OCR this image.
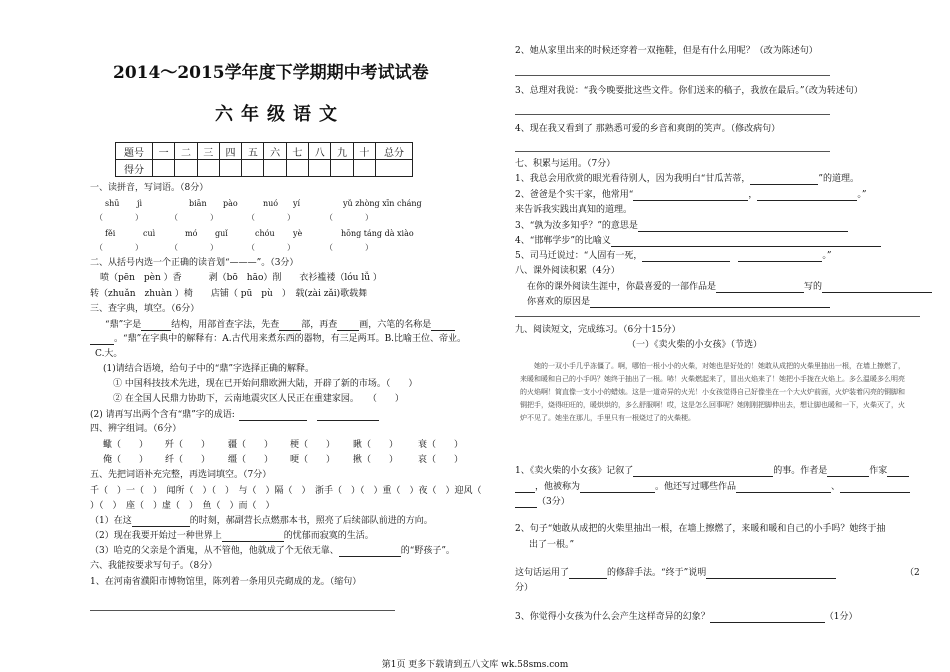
2014～2015学年度下学期期中考试试卷
六年级语文
题号	一	二	三	四	五	六	七	八	九	十	总分
得分											
一、读拼音，写词语。（8分）
shū jì	biān pào	nuó yí	yǔ zhòng xīn cháng
（　　　　）	（　　　　）	（　　　　）	（　　　　）
fěi	cuì	mó guǐ	chóu yè	hōng táng dà xiào
（　　　　）	（　　　　）	（　　　　）	（　　　　）
二、从括号内选一个正确的读音划“———”。（3分）
喷（pēn　pèn ）香　　　剥（bō　hāo）削　　衣衫褴褛（lóu lǚ ）
转（zhuǎn　zhuàn ）椅　　店铺（ pū　pù　）　载(zài zǎi)歌载舞
三、查字典，填空。（6分）
“鼎”字是	结构，用部首查字法，先查 部，再查 画，六笔的名称是
。“鼎”在字典中的解释有：A.古代用来煮东西的器物，有三足两耳。B.比喻王位、帝业。
C.大。
(1)请结合语境，给句子中的“鼎”字选择正确的解释。
① 中国科技技术先进，现在已开始问鼎欧洲大陆，开辟了新的市场。（　　）
② 在全国人民鼎力协助下，云南地震灾区人民正在重建家园。　　（　　）
(2) 请再写出两个含有“鼎”字的成语:
四、辨字组词。（6分）
蠍（　　） 歼（　　） 疆（　　） 梗（　　） 瞅（　　） 衰（　　）
俺（　　） 纤（　　） 缰（　　） 哽（　　） 揪（　　） 哀（　　）
五、先把词语补充完整，再选词填空。（7分）
千（　）一（　）　闻所（　）（　）　与（　）隔（　）　浙手（　）（　）重（　）夜（　）迎风（
）（　）　座（　）虚（　）　鱼（　）而（　）
（1）在这	的时刻，郝副营长点燃那本书，照亮了后续部队前进的方向。
（2）现在我要开始过一种世界上	的忧郁而寂寞的生活。
（3）哈克的父亲是个酒鬼，从不管他，他就成了个无依无靠、	的“野孩子”。
六、我能按要求写句子。（8分）
1、在河南省濮阳市博物馆里，陈列着一条用贝壳砌成的龙。（缩句）
2、她从家里出来的时候还穿着一双拖鞋，但是有什么用呢？（改为陈述句）
3、总理对我说：“我今晚要批这些文件。你们送来的稿子，我放在最后。”（改为转述句）
4、现在我又看到了 那熟悉可爱的乡音和爽朗的笑声。（修改病句）
七、积累与运用。（7分）
1、我总会用欣赏的眼光看待别人，因为我明白“甘瓜苦蒂，	”的道理。
2、爸爸是个实干家，他常用“	，	。”
来告诉我实践出真知的道理。
3、“孰为汝多知乎？”的意思是
4、“邯郸学步”的比喻义
5、司马迁说过：“人固有一死，	。”
八、课外阅读积累（4分）
在你的课外阅读生涯中，你最喜爱的一部作品是	写的
你喜欢的原因是
九、阅读短文，完成练习。（6分十15分）
（一）《卖火柴的小女孩》（节选）
她的一双小手几乎冻僵了。啊，哪怕一根小小的火柴，对她也是好处的！她敢从成把的火柴里抽出一根，在墙上擦燃了，来暖和暖和自己的小手吗？她终于抽出了一根。哧！火柴燃起来了，冒出火焰来了！她把小手拢在火焰上。多么温暖多么明亮的火焰啊！简直像一支小小的蜡烛。这是一道奇异的火光！小女孩觉得自己好像坐在一个大火炉前面，火炉装着闪亮的铜脚和铜把手，烧得旺旺的，暖烘烘的，多么舒服啊！哎，这是怎么回事呢？她刚刚把脚伸出去，想让脚也暖和一下，火柴灭了，火炉不见了。她坐在那儿，手里只有一根烧过了的火柴梗。
1、《卖火柴的小女孩》记叙了	的事。作者是	作家
，他被称为	。他还写过哪些作品	、
（3分）
2、句子“她敢从成把的火柴里抽出一根，在墙上擦燃了，来暖和暖和自己的小手吗？她终于抽
出了一根。”
这句话运用了	的修辞手法。“终于”说明	（2
分）
3、你觉得小女孩为什么会产生这样奇异的幻象？	（1分）
第1页 更多下载请到五八文库 wk.58sms.com
